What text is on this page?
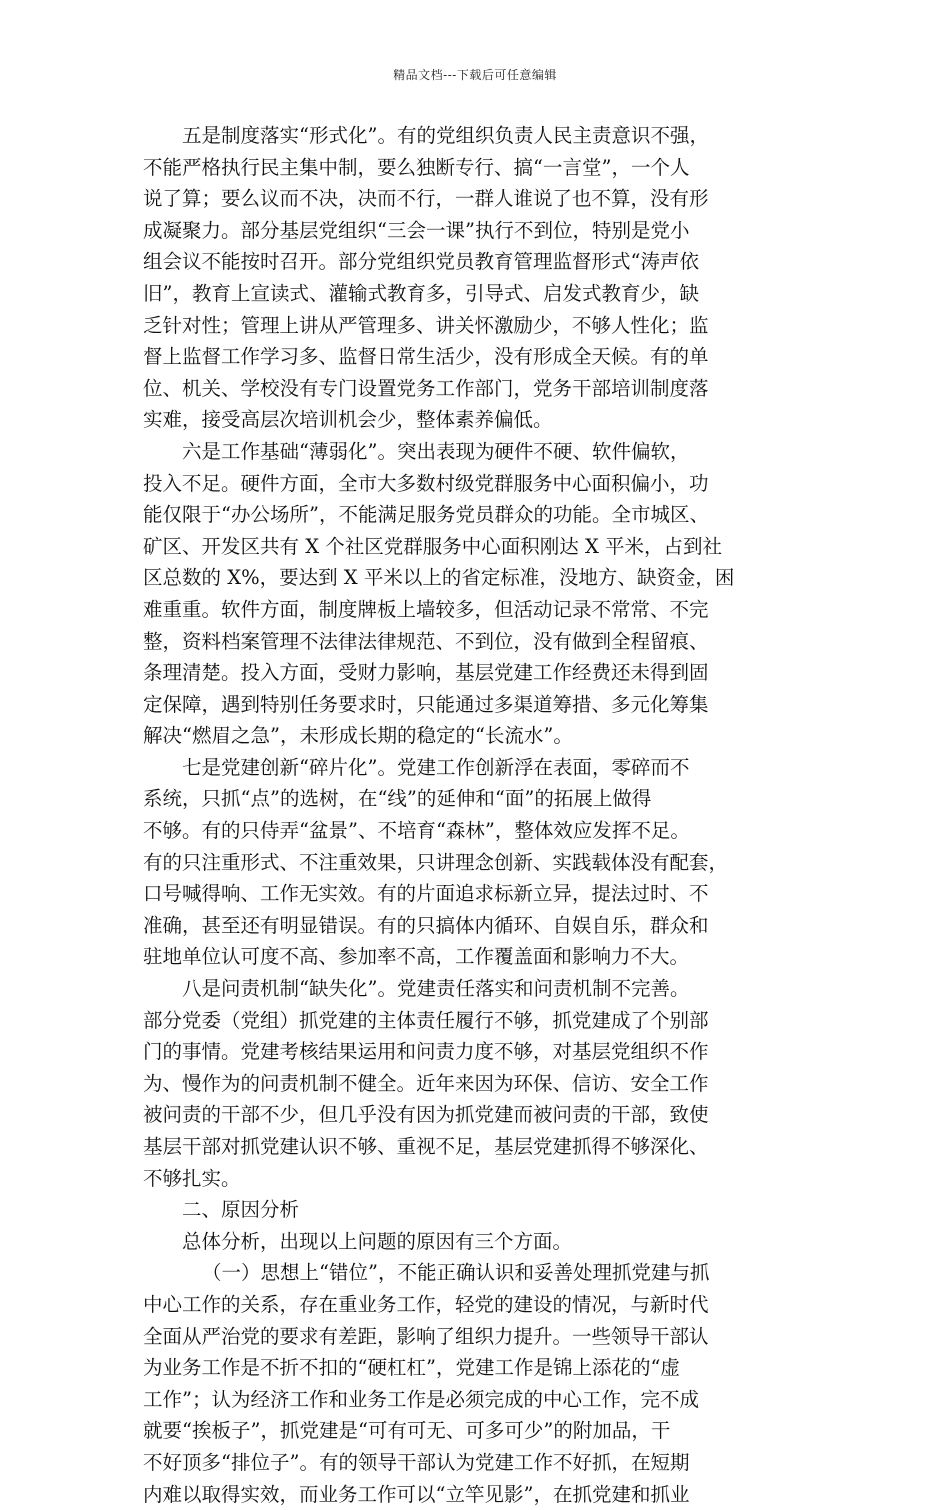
精品文档---下载后可任意编辑
五是制度落实“形式化”。有的党组织负责人民主责意识不强，
不能严格执行民主集中制，要么独断专行、搞“一言堂”，一个人
说了算；要么议而不决，决而不行，一群人谁说了也不算，没有形
成凝聚力。部分基层党组织“三会一课”执行不到位，特别是党小
组会议不能按时召开。部分党组织党员教育管理监督形式“涛声依
旧”，教育上宣读式、灌输式教育多，引导式、启发式教育少，缺
乏针对性；管理上讲从严管理多、讲关怀激励少，不够人性化；监
督上监督工作学习多、监督日常生活少，没有形成全天候。有的单
位、机关、学校没有专门设置党务工作部门，党务干部培训制度落
实难，接受高层次培训机会少，整体素养偏低。
六是工作基础“薄弱化”。突出表现为硬件不硬、软件偏软，
投入不足。硬件方面，全市大多数村级党群服务中心面积偏小，功
能仅限于“办公场所”，不能满足服务党员群众的功能。全市城区、
矿区、开发区共有 X 个社区党群服务中心面积刚达 X 平米，占到社
区总数的 X%，要达到 X 平米以上的省定标准，没地方、缺资金，困
难重重。软件方面，制度牌板上墙较多，但活动记录不常常、不完
整，资料档案管理不法律法律规范、不到位，没有做到全程留痕、
条理清楚。投入方面，受财力影响，基层党建工作经费还未得到固
定保障，遇到特别任务要求时，只能通过多渠道筹措、多元化筹集
解决“燃眉之急”，未形成长期的稳定的“长流水”。
七是党建创新“碎片化”。党建工作创新浮在表面，零碎而不
系统，只抓“点”的选树，在“线”的延伸和“面”的拓展上做得
不够。有的只侍弄“盆景”、不培育“森林”，整体效应发挥不足。
有的只注重形式、不注重效果，只讲理念创新、实践载体没有配套，
口号喊得响、工作无实效。有的片面追求标新立异，提法过时、不
准确，甚至还有明显错误。有的只搞体内循环、自娱自乐，群众和
驻地单位认可度不高、参加率不高，工作覆盖面和影响力不大。
八是问责机制“缺失化”。党建责任落实和问责机制不完善。
部分党委（党组）抓党建的主体责任履行不够，抓党建成了个别部
门的事情。党建考核结果运用和问责力度不够，对基层党组织不作
为、慢作为的问责机制不健全。近年来因为环保、信访、安全工作
被问责的干部不少，但几乎没有因为抓党建而被问责的干部，致使
基层干部对抓党建认识不够、重视不足，基层党建抓得不够深化、
不够扎实。
二、原因分析
总体分析，出现以上问题的原因有三个方面。
（一）思想上“错位”，不能正确认识和妥善处理抓党建与抓
中心工作的关系，存在重业务工作，轻党的建设的情况，与新时代
全面从严治党的要求有差距，影响了组织力提升。一些领导干部认
为业务工作是不折不扣的“硬杠杠”，党建工作是锦上添花的“虚
工作”；认为经济工作和业务工作是必须完成的中心工作，完不成
就要“挨板子”，抓党建是“可有可无、可多可少”的附加品，干
不好顶多“排位子”。有的领导干部认为党建工作不好抓，在短期
内难以取得实效，而业务工作可以“立竿见影”，在抓党建和抓业
